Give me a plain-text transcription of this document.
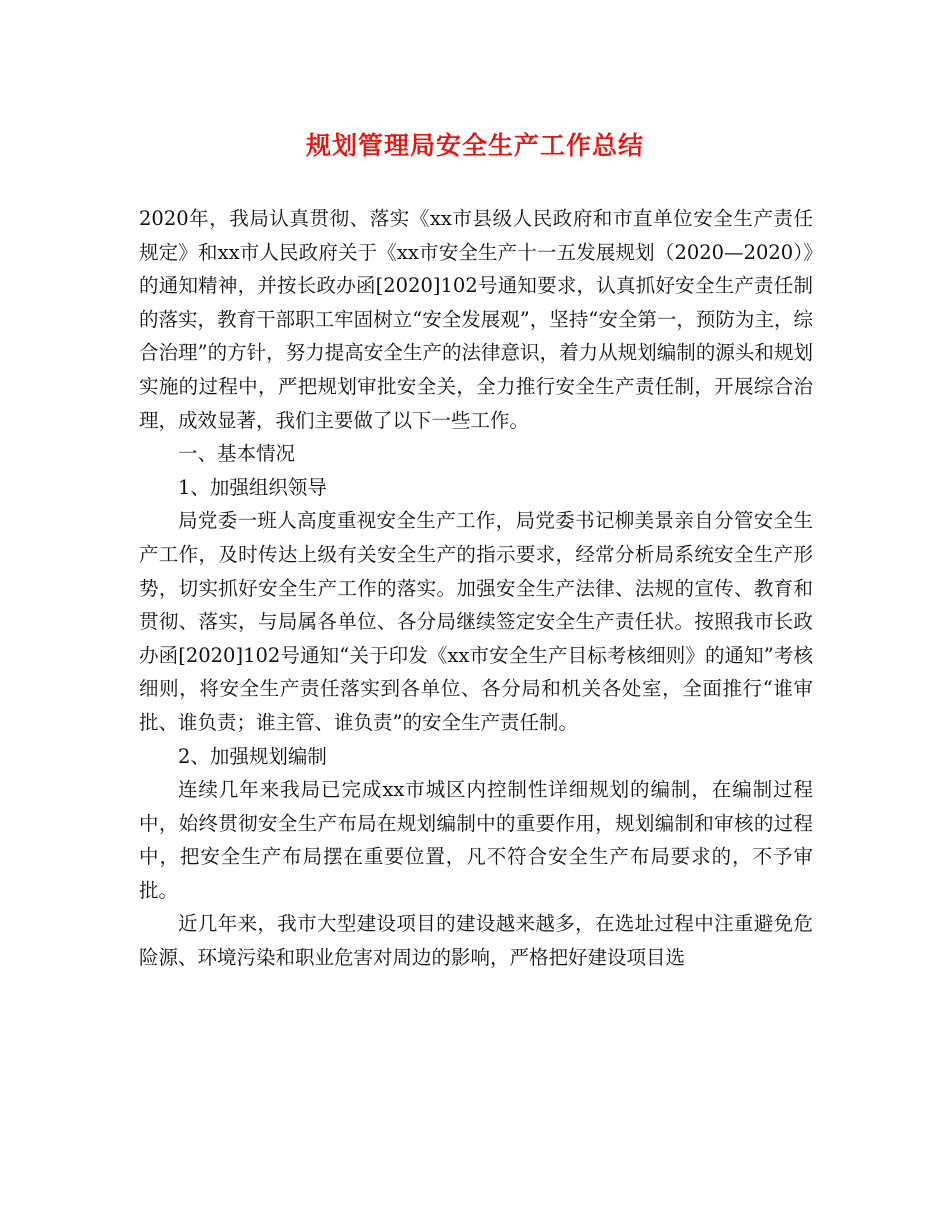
规划管理局安全生产工作总结

2020年，我局认真贯彻、落实《xx市县级人民政府和市直单位安全生产责任规定》和xx市人民政府关于《xx市安全生产十一五发展规划（2020—2020）》的通知精神，并按长政办函[2020]102号通知要求，认真抓好安全生产责任制的落实，教育干部职工牢固树立“安全发展观”，坚持“安全第一，预防为主，综合治理”的方针，努力提高安全生产的法律意识，着力从规划编制的源头和规划实施的过程中，严把规划审批安全关，全力推行安全生产责任制，开展综合治理，成效显著，我们主要做了以下一些工作。

一、基本情况

1、加强组织领导

局党委一班人高度重视安全生产工作，局党委书记柳美景亲自分管安全生产工作，及时传达上级有关安全生产的指示要求，经常分析局系统安全生产形势，切实抓好安全生产工作的落实。加强安全生产法律、法规的宣传、教育和贯彻、落实，与局属各单位、各分局继续签定安全生产责任状。按照我市长政办函[2020]102号通知“关于印发《xx市安全生产目标考核细则》的通知”考核细则，将安全生产责任落实到各单位、各分局和机关各处室，全面推行“谁审批、谁负责；谁主管、谁负责”的安全生产责任制。

2、加强规划编制

连续几年来我局已完成xx市城区内控制性详细规划的编制，在编制过程中，始终贯彻安全生产布局在规划编制中的重要作用，规划编制和审核的过程中，把安全生产布局摆在重要位置，凡不符合安全生产布局要求的，不予审批。

近几年来，我市大型建设项目的建设越来越多，在选址过程中注重避免危险源、环境污染和职业危害对周边的影响，严格把好建设项目选
